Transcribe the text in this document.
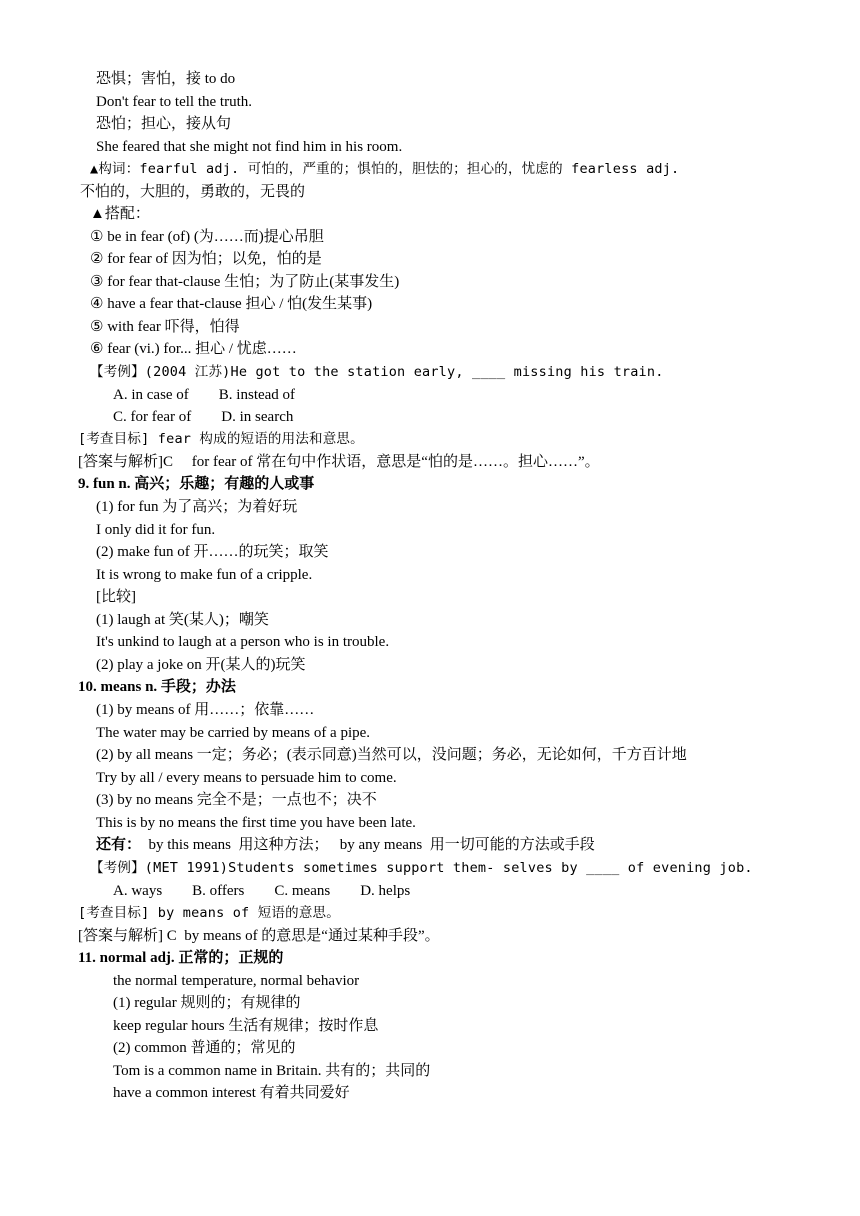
恐惧；害怕，接 to do
Don't fear to tell the truth.
恐怕；担心，接从句
She feared that she might not find him in his room.
▲构词：fearful adj. 可怕的，严重的；惧怕的，胆怯的；担心的，忧虑的 fearless adj.
不怕的，大胆的，勇敢的，无畏的
▲搭配：
① be in fear (of) (为……而)提心吊胆
② for fear of 因为怕；以免，怕的是
③ for fear that-clause 生怕；为了防止(某事发生)
④ have a fear that-clause 担心 / 怕(发生某事)
⑤ with fear 吓得，怕得
⑥ fear (vi.) for... 担心 / 忧虑……
【考例】(2004 江苏)He got to the station early, ____ missing his train.
A. in case of        B. instead of
C. for fear of        D. in search
[考查目标] fear 构成的短语的用法和意思。
[答案与解析]C     for fear of 常在句中作状语，意思是“怕的是……。担心……”。
9. fun n. 高兴；乐趣；有趣的人或事
(1) for fun 为了高兴；为着好玩
I only did it for fun.
(2) make fun of 开……的玩笑；取笑
It is wrong to make fun of a cripple.
[比较]
(1) laugh at 笑(某人)；嘲笑
It's unkind to laugh at a person who is in trouble.
(2) play a joke on 开(某人的)玩笑
10. means n. 手段；办法
(1) by means of 用……；依靠……
The water may be carried by means of a pipe.
(2) by all means 一定；务必；(表示同意)当然可以，没问题；务必，无论如何，千方百计地
Try by all / every means to persuade him to come.
(3) by no means 完全不是；一点也不；决不
This is by no means the first time you have been late.
还有：  by this means  用这种方法；   by any means  用一切可能的方法或手段
【考例】(MET 1991)Students sometimes support them- selves by ____ of evening job.
A. ways        B. offers        C. means        D. helps
[考查目标] by means of 短语的意思。
[答案与解析] C  by means of 的意思是“通过某种手段”。
11. normal adj. 正常的；正规的
the normal temperature, normal behavior
(1) regular 规则的；有规律的
keep regular hours 生活有规律；按时作息
(2) common 普通的；常见的
Tom is a common name in Britain. 共有的；共同的
have a common interest 有着共同爱好
